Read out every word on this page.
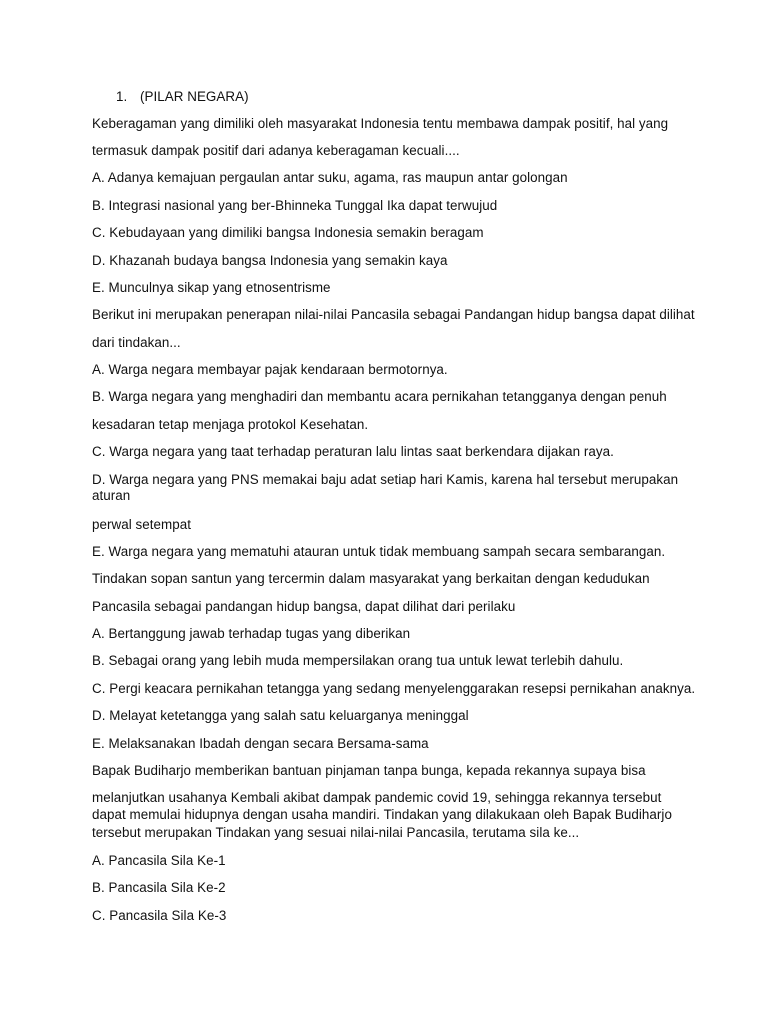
1. (PILAR NEGARA)
Keberagaman yang dimiliki oleh masyarakat Indonesia tentu membawa dampak positif, hal yang
termasuk dampak positif dari adanya keberagaman kecuali....
A. Adanya kemajuan pergaulan antar suku, agama, ras maupun antar golongan
B. Integrasi nasional yang ber-Bhinneka Tunggal Ika dapat terwujud
C. Kebudayaan yang dimiliki bangsa Indonesia semakin beragam
D. Khazanah budaya bangsa Indonesia yang semakin kaya
E. Munculnya sikap yang etnosentrisme
Berikut ini merupakan penerapan nilai-nilai Pancasila sebagai Pandangan hidup bangsa dapat dilihat
dari tindakan...
A. Warga negara membayar pajak kendaraan bermotornya.
B. Warga negara yang menghadiri dan membantu acara pernikahan tetangganya dengan penuh
kesadaran tetap menjaga protokol Kesehatan.
C. Warga negara yang taat terhadap peraturan lalu lintas saat berkendara dijakan raya.
D. Warga negara yang PNS memakai baju adat setiap hari Kamis, karena hal tersebut merupakan
aturan
perwal setempat
E. Warga negara yang mematuhi atauran untuk tidak membuang sampah secara sembarangan.
Tindakan sopan santun yang tercermin dalam masyarakat yang berkaitan dengan kedudukan
Pancasila sebagai pandangan hidup bangsa, dapat dilihat dari perilaku
A. Bertanggung jawab terhadap tugas yang diberikan
B. Sebagai orang yang lebih muda mempersilakan orang tua untuk lewat terlebih dahulu.
C. Pergi keacara pernikahan tetangga yang sedang menyelenggarakan resepsi pernikahan anaknya.
D. Melayat ketetangga yang salah satu keluarganya meninggal
E. Melaksanakan Ibadah dengan secara Bersama-sama
Bapak Budiharjo memberikan bantuan pinjaman tanpa bunga, kepada rekannya supaya bisa
melanjutkan usahanya Kembali akibat dampak pandemic covid 19, sehingga rekannya tersebut
dapat memulai hidupnya dengan usaha mandiri. Tindakan yang dilakukaan oleh Bapak Budiharjo
tersebut merupakan Tindakan yang sesuai nilai-nilai Pancasila, terutama sila ke...
A. Pancasila Sila Ke-1
B. Pancasila Sila Ke-2
C. Pancasila Sila Ke-3
